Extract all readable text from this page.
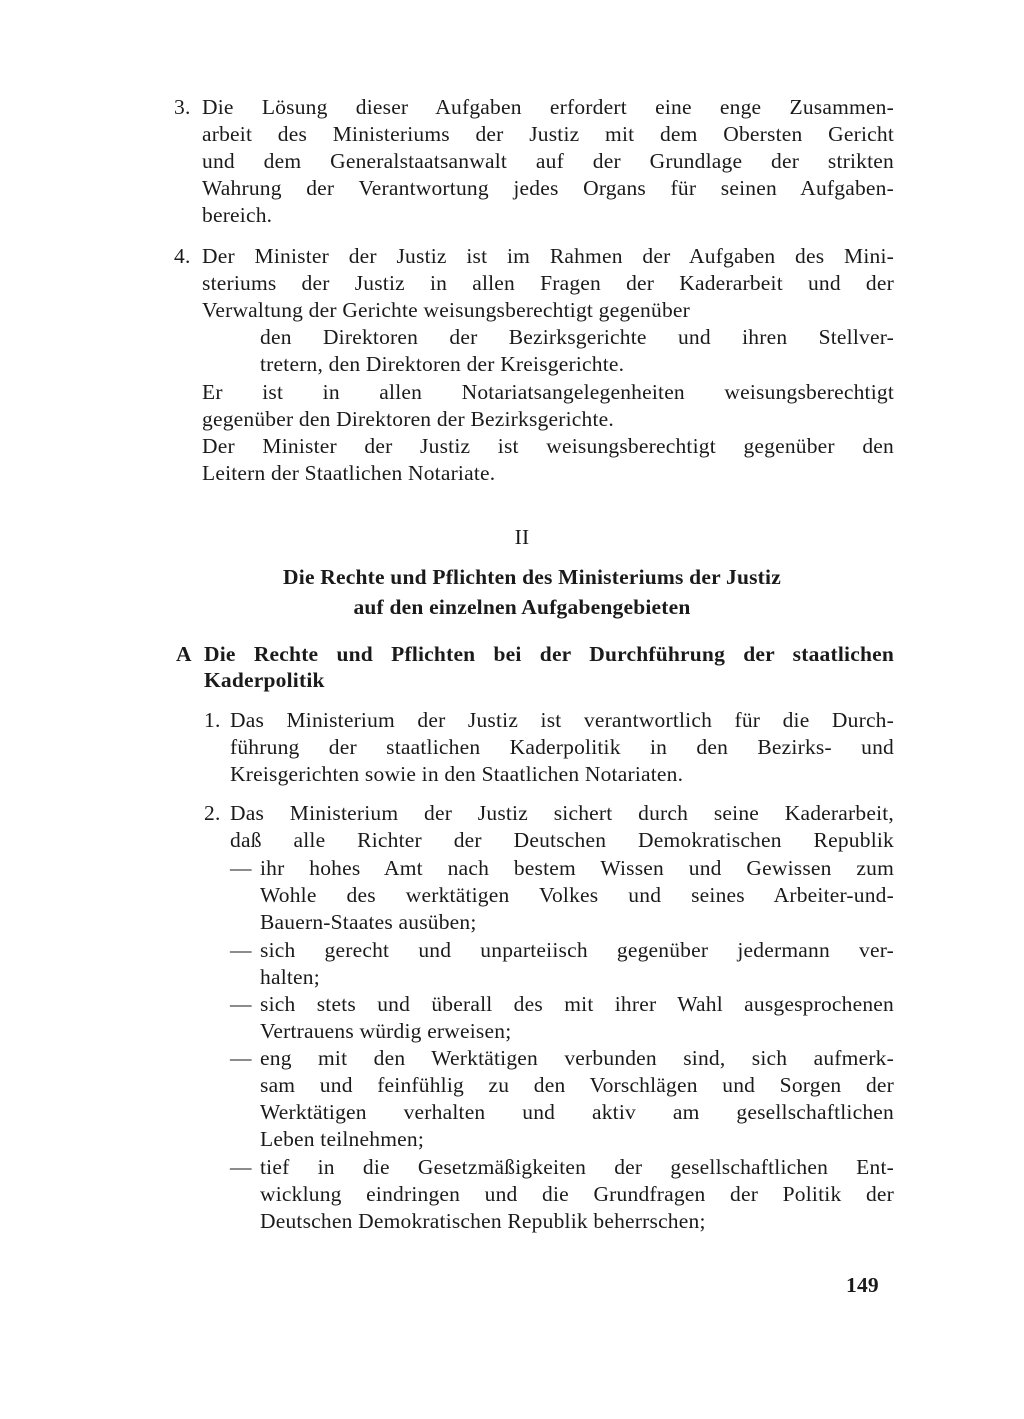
3. Die Lösung dieser Aufgaben erfordert eine enge Zusammen-
arbeit des Ministeriums der Justiz mit dem Obersten Gericht
und dem Generalstaatsanwalt auf der Grundlage der strikten
Wahrung der Verantwortung jedes Organs für seinen Aufgaben-
bereich.
4. Der Minister der Justiz ist im Rahmen der Aufgaben des Mini-
steriums der Justiz in allen Fragen der Kaderarbeit und der
Verwaltung der Gerichte weisungsberechtigt gegenüber
den Direktoren der Bezirksgerichte und ihren Stellver-
tretern, den Direktoren der Kreisgerichte.
Er ist in allen Notariatsangelegenheiten weisungsberechtigt
gegenüber den Direktoren der Bezirksgerichte.
Der Minister der Justiz ist weisungsberechtigt gegenüber den
Leitern der Staatlichen Notariate.
II
Die Rechte und Pflichten des Ministeriums der Justiz
auf den einzelnen Aufgabengebieten
A Die Rechte und Pflichten bei der Durchführung der staatlichen
Kaderpolitik
1. Das Ministerium der Justiz ist verantwortlich für die Durch-
führung der staatlichen Kaderpolitik in den Bezirks- und
Kreisgerichten sowie in den Staatlichen Notariaten.
2. Das Ministerium der Justiz sichert durch seine Kaderarbeit,
daß alle Richter der Deutschen Demokratischen Republik
— ihr hohes Amt nach bestem Wissen und Gewissen zum
Wohle des werktätigen Volkes und seines Arbeiter-und-
Bauern-Staates ausüben;
— sich gerecht und unparteiisch gegenüber jedermann ver-
halten;
— sich stets und überall des mit ihrer Wahl ausgesprochenen
Vertrauens würdig erweisen;
— eng mit den Werktätigen verbunden sind, sich aufmerk-
sam und feinfühlig zu den Vorschlägen und Sorgen der
Werktätigen verhalten und aktiv am gesellschaftlichen
Leben teilnehmen;
— tief in die Gesetzmäßigkeiten der gesellschaftlichen Ent-
wicklung eindringen und die Grundfragen der Politik der
Deutschen Demokratischen Republik beherrschen;
149
